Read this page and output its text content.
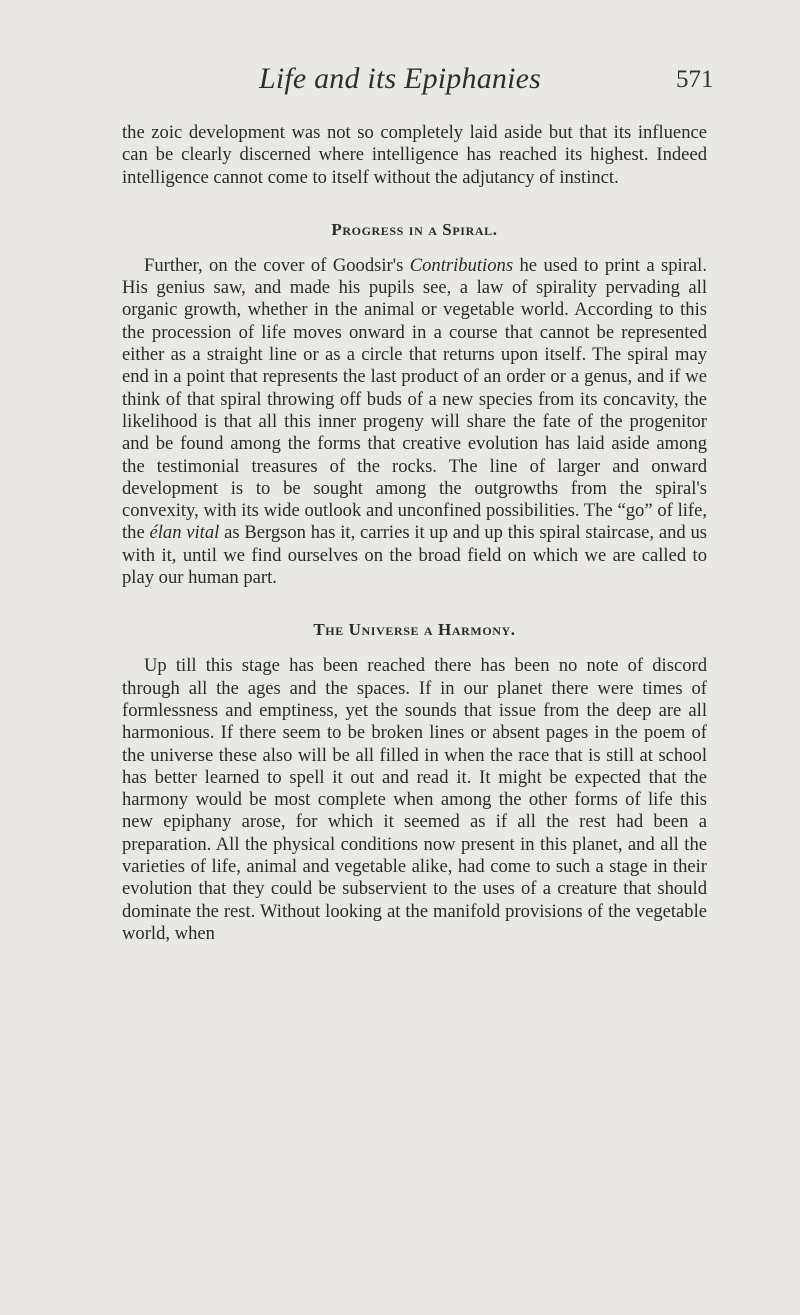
Life and its Epiphanies	571

the zoic development was not so completely laid aside but that its influence can be clearly discerned where intelligence has reached its highest. Indeed intelligence cannot come to itself without the adjutancy of instinct.

Progress in a Spiral.

Further, on the cover of Goodsir's Contributions he used to print a spiral. His genius saw, and made his pupils see, a law of spirality pervading all organic growth, whether in the animal or vegetable world. According to this the procession of life moves onward in a course that cannot be represented either as a straight line or as a circle that returns upon itself. The spiral may end in a point that represents the last product of an order or a genus, and if we think of that spiral throwing off buds of a new species from its concavity, the likelihood is that all this inner progeny will share the fate of the progenitor and be found among the forms that creative evolution has laid aside among the testimonial treasures of the rocks. The line of larger and onward development is to be sought among the outgrowths from the spiral's convexity, with its wide outlook and unconfined possibilities. The “go” of life, the élan vital as Bergson has it, carries it up and up this spiral staircase, and us with it, until we find ourselves on the broad field on which we are called to play our human part.

The Universe a Harmony.

Up till this stage has been reached there has been no note of discord through all the ages and the spaces. If in our planet there were times of formlessness and emptiness, yet the sounds that issue from the deep are all harmonious. If there seem to be broken lines or absent pages in the poem of the universe these also will be all filled in when the race that is still at school has better learned to spell it out and read it. It might be expected that the harmony would be most complete when among the other forms of life this new epiphany arose, for which it seemed as if all the rest had been a preparation. All the physical conditions now present in this planet, and all the varieties of life, animal and vegetable alike, had come to such a stage in their evolution that they could be subservient to the uses of a creature that should dominate the rest. Without looking at the manifold provisions of the vegetable world, when
